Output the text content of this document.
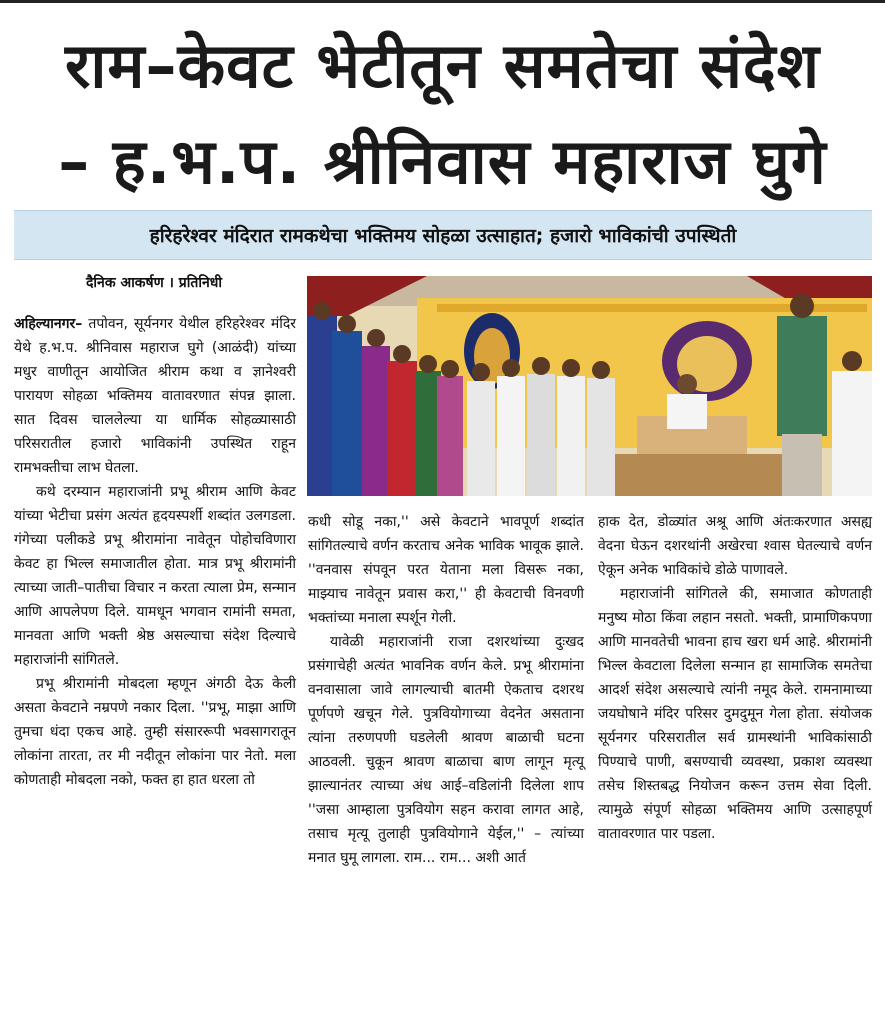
राम–केवट भेटीतून समतेचा संदेश
– ह.भ.प. श्रीनिवास महाराज घुगे
हरिहरेश्वर मंदिरात रामकथेचा भक्तिमय सोहळा उत्साहात; हजारो भाविकांची उपस्थिती
दैनिक आकर्षण । प्रतिनिधी

अहिल्यानगर– तपोवन, सूर्यनगर येथील हरिहरेश्वर मंदिर येथे ह.भ.प. श्रीनिवास महाराज घुगे (आळंदी) यांच्या मधुर वाणीतून आयोजित श्रीराम कथा व ज्ञानेश्वरी पारायण सोहळा भक्तिमय वातावरणात संपन्न झाला. सात दिवस चाललेल्या या धार्मिक सोहळ्यासाठी परिसरातील हजारो भाविकांनी उपस्थित राहून रामभक्तीचा लाभ घेतला.

कथे दरम्यान महाराजांनी प्रभू श्रीराम आणि केवट यांच्या भेटीचा प्रसंग अत्यंत हृदयस्पर्शी शब्दांत उलगडला. गंगेच्या पलीकडे प्रभू श्रीरामांना नावेतून पोहोचविणारा केवट हा भिल्ल समाजातील होता. मात्र प्रभू श्रीरामांनी त्याच्या जाती–पातीचा विचार न करता त्याला प्रेम, सन्मान आणि आपलेपण दिले. यामधून भगवान रामांनी समता, मानवता आणि भक्ती श्रेष्ठ असल्याचा संदेश दिल्याचे महाराजांनी सांगितले.

प्रभू श्रीरामांनी मोबदला म्हणून अंगठी देऊ केली असता केवटाने नम्रपणे नकार दिला. ''प्रभू, माझा आणि तुमचा धंदा एकच आहे. तुम्ही संसाररूपी भवसागरातून लोकांना तारता, तर मी नदीतून लोकांना पार नेतो. मला कोणताही मोबदला नको, फक्त हा हात धरला तो

कधी सोडू नका,'' असे केवटाने भावपूर्ण शब्दांत सांगितल्याचे वर्णन करताच अनेक भाविक भावूक झाले. ''वनवास संपवून परत येताना मला विसरू नका, माझ्याच नावेतून प्रवास करा,'' ही केवटाची विनवणी भक्तांच्या मनाला स्पर्शून गेली.

यावेळी महाराजांनी राजा दशरथांच्या दुःखद प्रसंगाचेही अत्यंत भावनिक वर्णन केले. प्रभू श्रीरामांना वनवासाला जावे लागल्याची बातमी ऐकताच दशरथ पूर्णपणे खचून गेले. पुत्रवियोगाच्या वेदनेत असताना त्यांना तरुणपणी घडलेली श्रावण बाळाची घटना आठवली. चुकून श्रावण बाळाचा बाण लागून मृत्यू झाल्यानंतर त्याच्या अंध आई–वडिलांनी दिलेला शाप ''जसा आम्हाला पुत्रवियोग सहन करावा लागत आहे, तसाच मृत्यू तुलाही पुत्रवियोगाने येईल,'' – त्यांच्या मनात घुमू लागला. राम... राम... अशी आर्त

हाक देत, डोळ्यांत अश्रू आणि अंतःकरणात असह्य वेदना घेऊन दशरथांनी अखेरचा श्वास घेतल्याचे वर्णन ऐकून अनेक भाविकांचे डोळे पाणावले.

महाराजांनी सांगितले की, समाजात कोणताही मनुष्य मोठा किंवा लहान नसतो. भक्ती, प्रामाणिकपणा आणि मानवतेची भावना हाच खरा धर्म आहे. श्रीरामांनी भिल्ल केवटाला दिलेला सन्मान हा सामाजिक समतेचा आदर्श संदेश असल्याचे त्यांनी नमूद केले. रामनामाच्या जयघोषाने मंदिर परिसर दुमदुमून गेला होता. संयोजक सूर्यनगर परिसरातील सर्व ग्रामस्थांनी भाविकांसाठी पिण्याचे पाणी, बसण्याची व्यवस्था, प्रकाश व्यवस्था तसेच शिस्तबद्ध नियोजन करून उत्तम सेवा दिली. त्यामुळे संपूर्ण सोहळा भक्तिमय आणि उत्साहपूर्ण वातावरणात पार पडला.
